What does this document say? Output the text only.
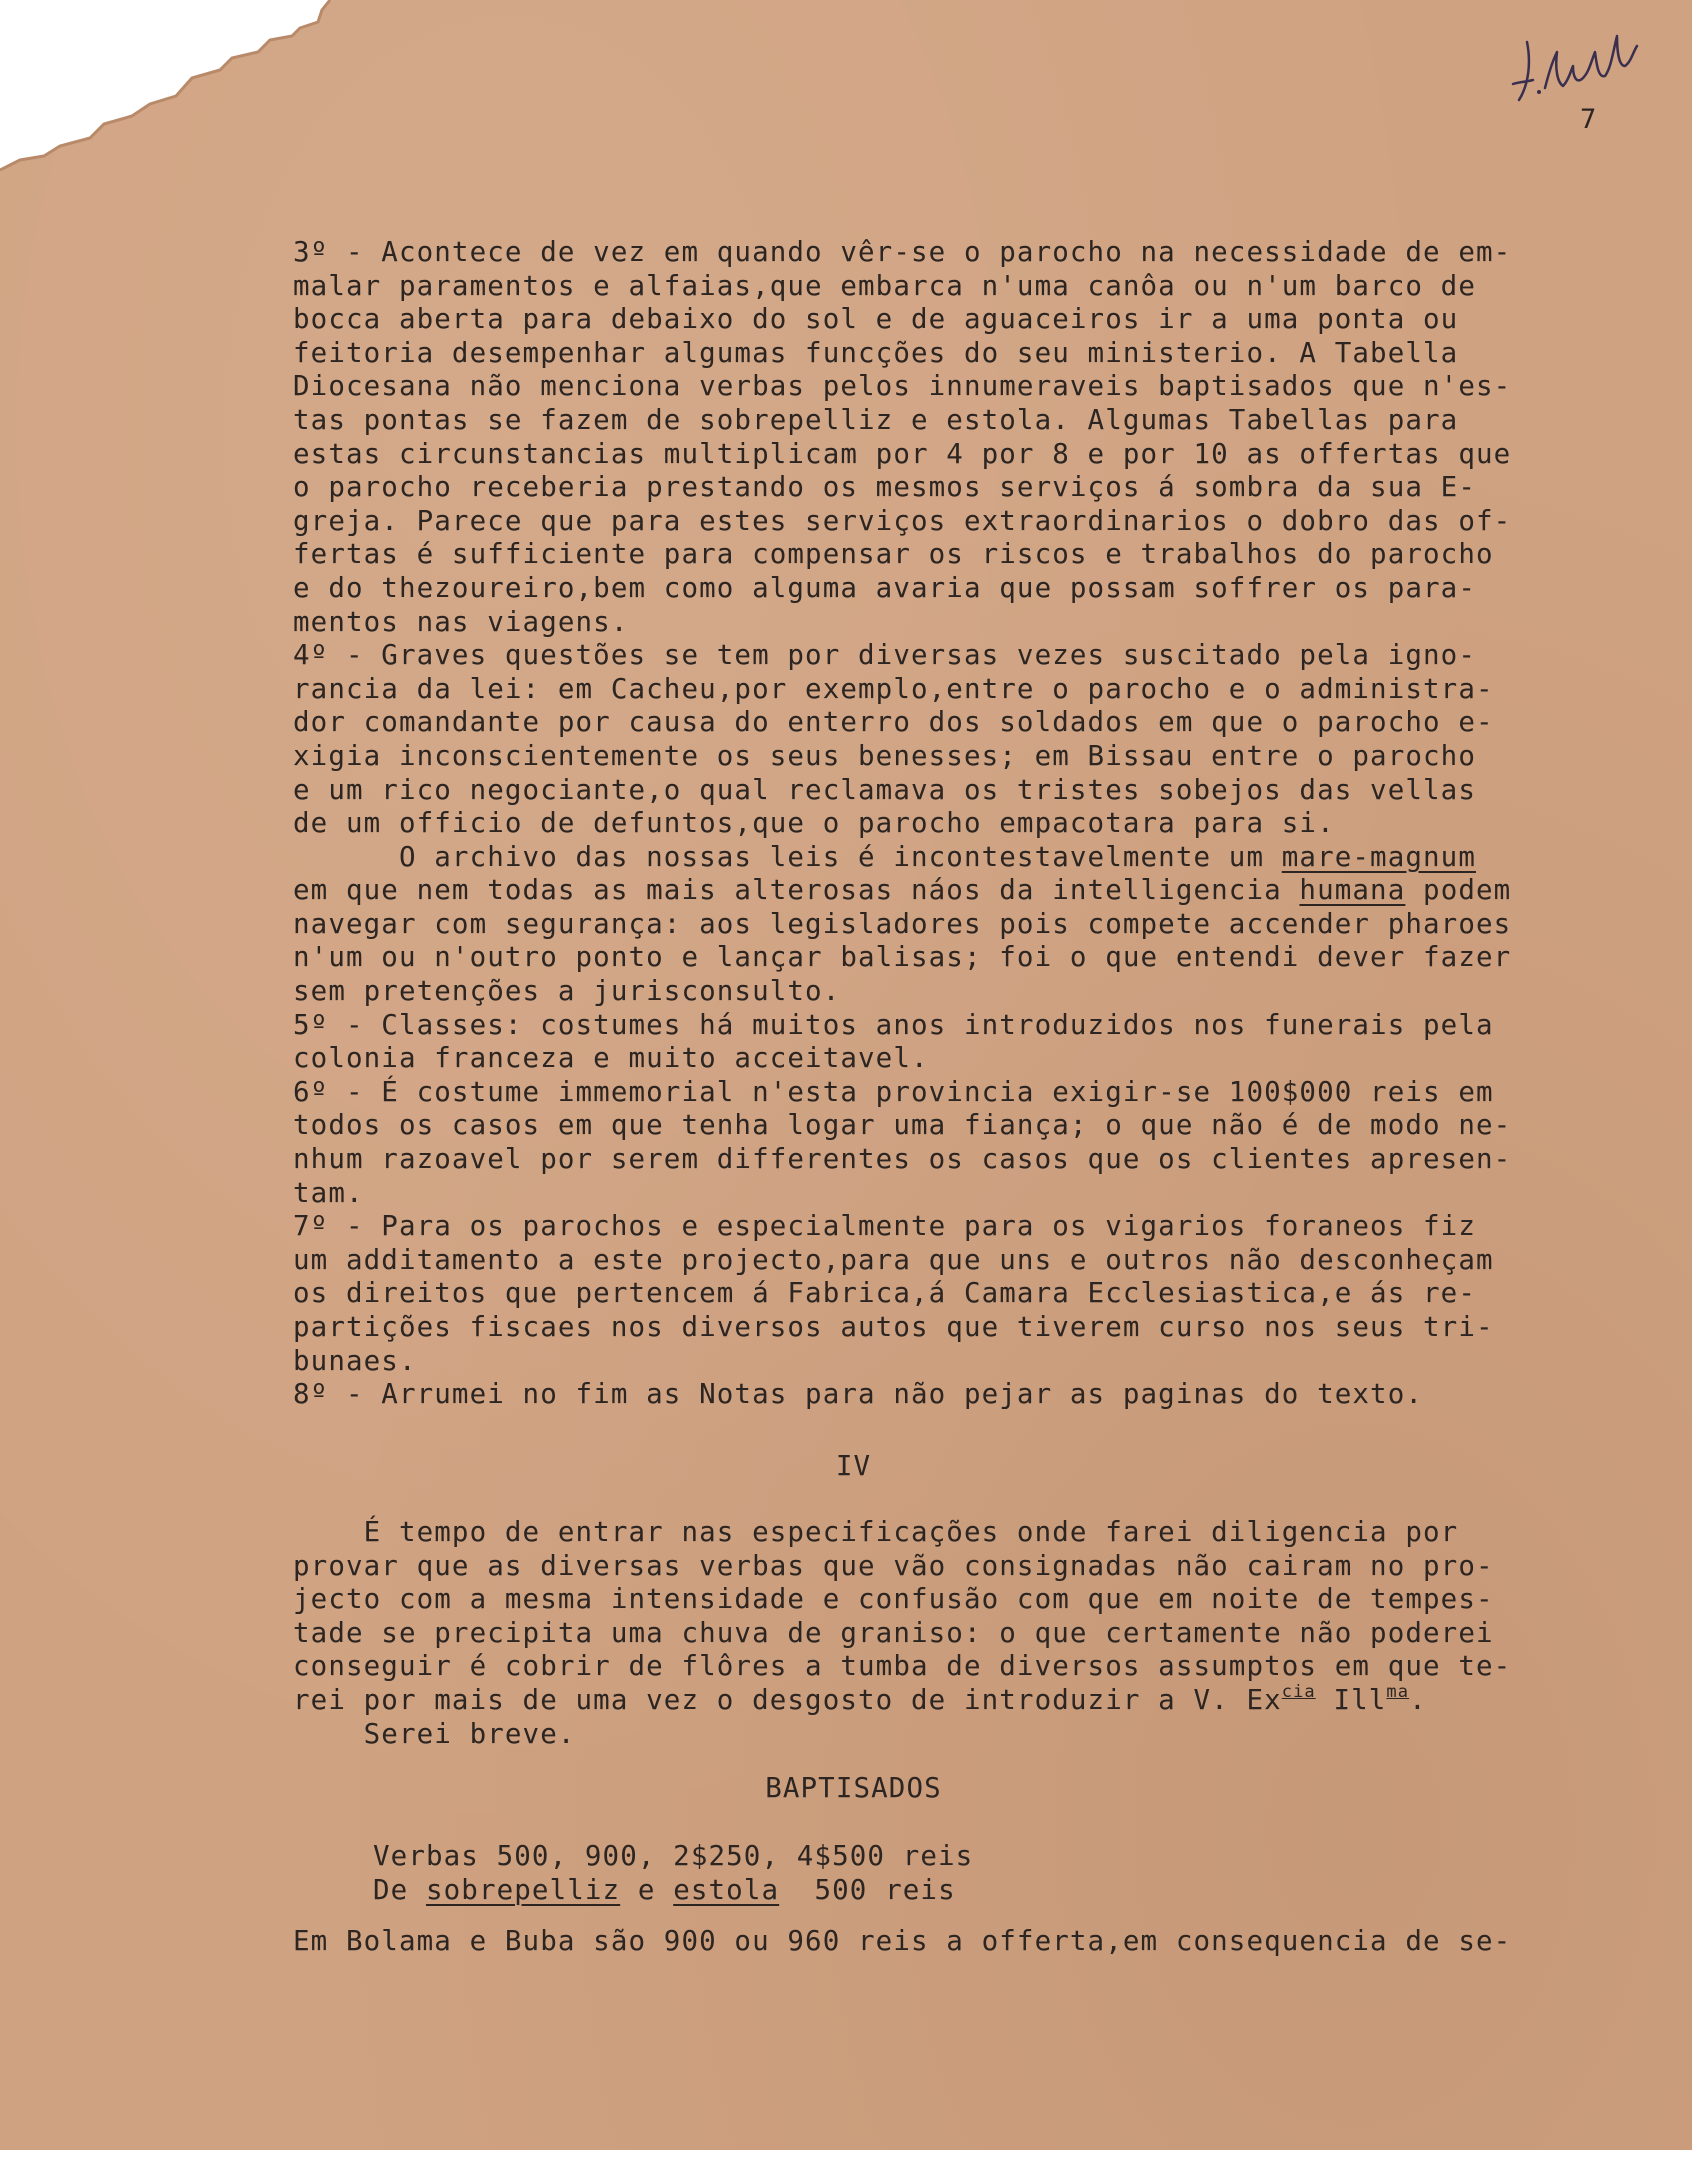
7
3º - Acontece de vez em quando vêr-se o parocho na necessidade de em-
malar paramentos e alfaias,que embarca n'uma canôa ou n'um barco de
bocca aberta para debaixo do sol e de aguaceiros ir a uma ponta ou
feitoria desempenhar algumas funcções do seu ministerio. A Tabella
Diocesana não menciona verbas pelos innumeraveis baptisados que n'es-
tas pontas se fazem de sobrepelliz e estola. Algumas Tabellas para
estas circunstancias multiplicam por 4 por 8 e por 10 as offertas que
o parocho receberia prestando os mesmos serviços á sombra da sua E-
greja. Parece que para estes serviços extraordinarios o dobro das of-
fertas é sufficiente para compensar os riscos e trabalhos do parocho
e do thezoureiro,bem como alguma avaria que possam soffrer os para-
mentos nas viagens.
4º - Graves questões se tem por diversas vezes suscitado pela igno-
rancia da lei: em Cacheu,por exemplo,entre o parocho e o administra-
dor comandante por causa do enterro dos soldados em que o parocho e-
xigia inconscientemente os seus benesses; em Bissau entre o parocho
e um rico negociante,o qual reclamava os tristes sobejos das vellas
de um officio de defuntos,que o parocho empacotara para si.
O archivo das nossas leis é incontestavelmente um mare-magnum
em que nem todas as mais alterosas náos da intelligencia humana podem
navegar com segurança: aos legisladores pois compete accender pharoes
n'um ou n'outro ponto e lançar balisas; foi o que entendi dever fazer
sem pretenções a jurisconsulto.
5º - Classes: costumes há muitos anos introduzidos nos funerais pela
colonia franceza e muito acceitavel.
6º - É costume immemorial n'esta provincia exigir-se 100$000 reis em
todos os casos em que tenha logar uma fiança; o que não é de modo ne-
nhum razoavel por serem differentes os casos que os clientes apresen-
tam.
7º - Para os parochos e especialmente para os vigarios foraneos fiz
um additamento a este projecto,para que uns e outros não desconheçam
os direitos que pertencem á Fabrica,á Camara Ecclesiastica,e ás re-
partições fiscaes nos diversos autos que tiverem curso nos seus tri-
bunaes.
8º - Arrumei no fim as Notas para não pejar as paginas do texto.
IV
É tempo de entrar nas especificações onde farei diligencia por
provar que as diversas verbas que vão consignadas não cairam no pro-
jecto com a mesma intensidade e confusão com que em noite de tempes-
tade se precipita uma chuva de graniso: o que certamente não poderei
conseguir é cobrir de flôres a tumba de diversos assumptos em que te-
rei por mais de uma vez o desgosto de introduzir a V. $Ex^{cia}$ Ill$^{ma}$.
Serei breve.
BAPTISADOS
Verbas 500, 900, 2$250, 4$500 reis
De sobrepelliz e estola  500 reis
Em Bolama e Buba são 900 ou 960 reis a offerta,em consequencia de se-
